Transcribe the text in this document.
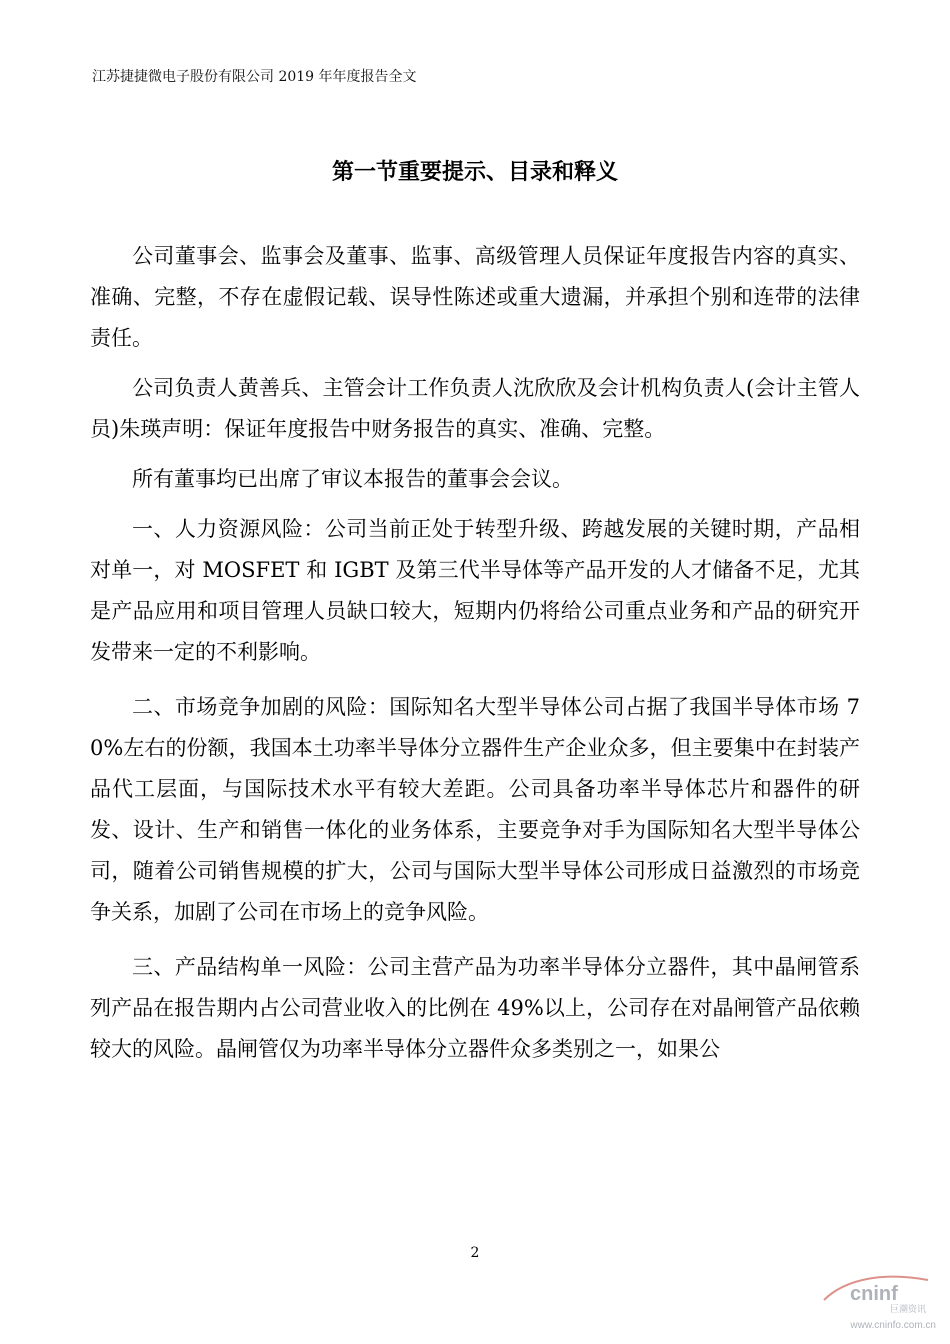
江苏捷捷微电子股份有限公司 2019 年年度报告全文
第一节重要提示、目录和释义

公司董事会、监事会及董事、监事、高级管理人员保证年度报告内容的真实、准确、完整，不存在虚假记载、误导性陈述或重大遗漏，并承担个别和连带的法律责任。

公司负责人黄善兵、主管会计工作负责人沈欣欣及会计机构负责人(会计主管人员)朱瑛声明：保证年度报告中财务报告的真实、准确、完整。

所有董事均已出席了审议本报告的董事会会议。

一、人力资源风险：公司当前正处于转型升级、跨越发展的关键时期，产品相对单一，对 MOSFET 和 IGBT 及第三代半导体等产品开发的人才储备不足，尤其是产品应用和项目管理人员缺口较大，短期内仍将给公司重点业务和产品的研究开发带来一定的不利影响。

二、市场竞争加剧的风险：国际知名大型半导体公司占据了我国半导体市场 70%左右的份额，我国本土功率半导体分立器件生产企业众多，但主要集中在封装产品代工层面，与国际技术水平有较大差距。公司具备功率半导体芯片和器件的研发、设计、生产和销售一体化的业务体系，主要竞争对手为国际知名大型半导体公司，随着公司销售规模的扩大，公司与国际大型半导体公司形成日益激烈的市场竞争关系，加剧了公司在市场上的竞争风险。

三、产品结构单一风险：公司主营产品为功率半导体分立器件，其中晶闸管系列产品在报告期内占公司营业收入的比例在 49%以上，公司存在对晶闸管产品依赖较大的风险。晶闸管仅为功率半导体分立器件众多类别之一，如果公

2
cninf
巨潮资讯
www.cninfo.com.cn
